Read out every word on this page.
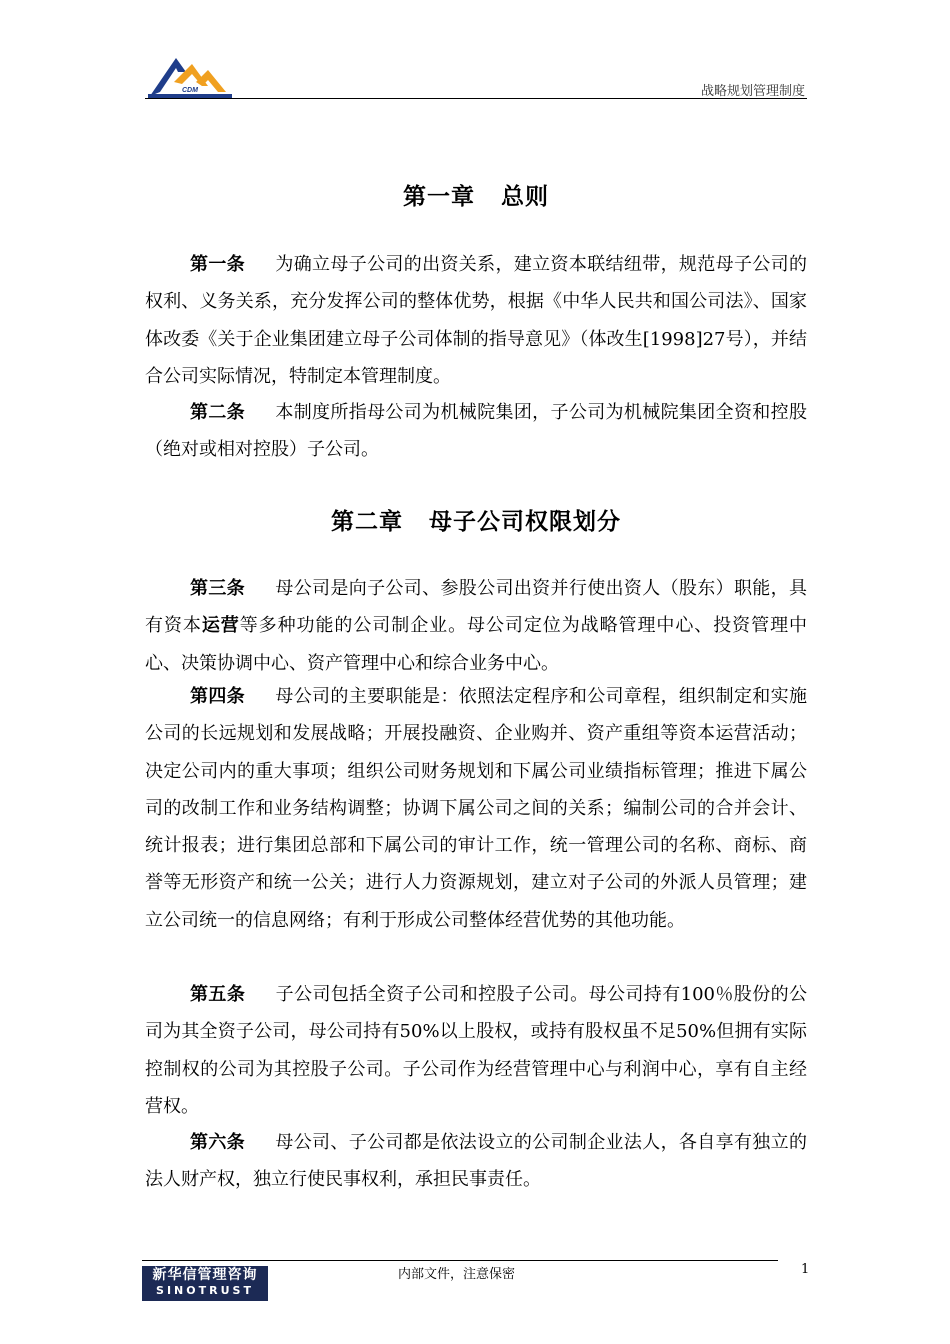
CDM	战略规划管理制度
第一章 总则

第一条 为确立母子公司的出资关系，建立资本联结纽带，规范母子公司的权利、义务关系，充分发挥公司的整体优势，根据《中华人民共和国公司法》、国家体改委《关于企业集团建立母子公司体制的指导意见》（体改生[1998]27号），并结合公司实际情况，特制定本管理制度。

第二条 本制度所指母公司为机械院集团，子公司为机械院集团全资和控股（绝对或相对控股）子公司。

第二章 母子公司权限划分

第三条 母公司是向子公司、参股公司出资并行使出资人（股东）职能，具有资本运营等多种功能的公司制企业。母公司定位为战略管理中心、投资管理中心、决策协调中心、资产管理中心和综合业务中心。

第四条 母公司的主要职能是：依照法定程序和公司章程，组织制定和实施公司的长远规划和发展战略；开展投融资、企业购并、资产重组等资本运营活动；决定公司内的重大事项；组织公司财务规划和下属公司业绩指标管理；推进下属公司的改制工作和业务结构调整；协调下属公司之间的关系；编制公司的合并会计、统计报表；进行集团总部和下属公司的审计工作，统一管理公司的名称、商标、商誉等无形资产和统一公关；进行人力资源规划，建立对子公司的外派人员管理；建立公司统一的信息网络；有利于形成公司整体经营优势的其他功能。

第五条 子公司包括全资子公司和控股子公司。母公司持有100％股份的公司为其全资子公司，母公司持有50%以上股权，或持有股权虽不足50%但拥有实际控制权的公司为其控股子公司。子公司作为经营管理中心与利润中心，享有自主经营权。

第六条 母公司、子公司都是依法设立的公司制企业法人，各自享有独立的法人财产权，独立行使民事权利，承担民事责任。

新华信管理咨询
SINOTRUST
内部文件，注意保密	1
